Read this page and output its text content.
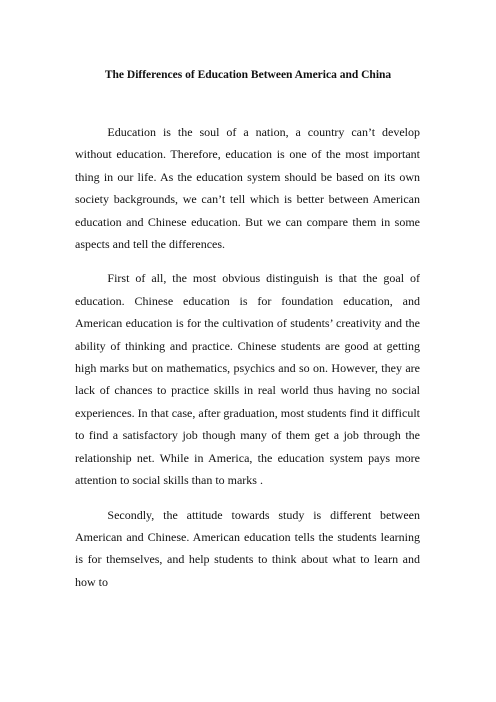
The Differences of Education Between America and China

Education is the soul of a nation, a country can’t develop without education. Therefore, education is one of the most important thing in our life. As the education system should be based on its own society backgrounds, we can’t tell which is better between American education and Chinese education. But we can compare them in some aspects and tell the differences.

First of all, the most obvious distinguish is that the goal of education. Chinese education is for foundation education, and American education is for the cultivation of students’ creativity and the ability of thinking and practice. Chinese students are good at getting high marks but on mathematics, psychics and so on. However, they are lack of chances to practice skills in real world thus having no social experiences. In that case, after graduation, most students find it difficult to find a satisfactory job though many of them get a job through the relationship net. While in America, the education system pays more attention to social skills than to marks .

Secondly, the attitude towards study is different between American and Chinese. American education tells the students learning is for themselves, and help students to think about what to learn and how to
